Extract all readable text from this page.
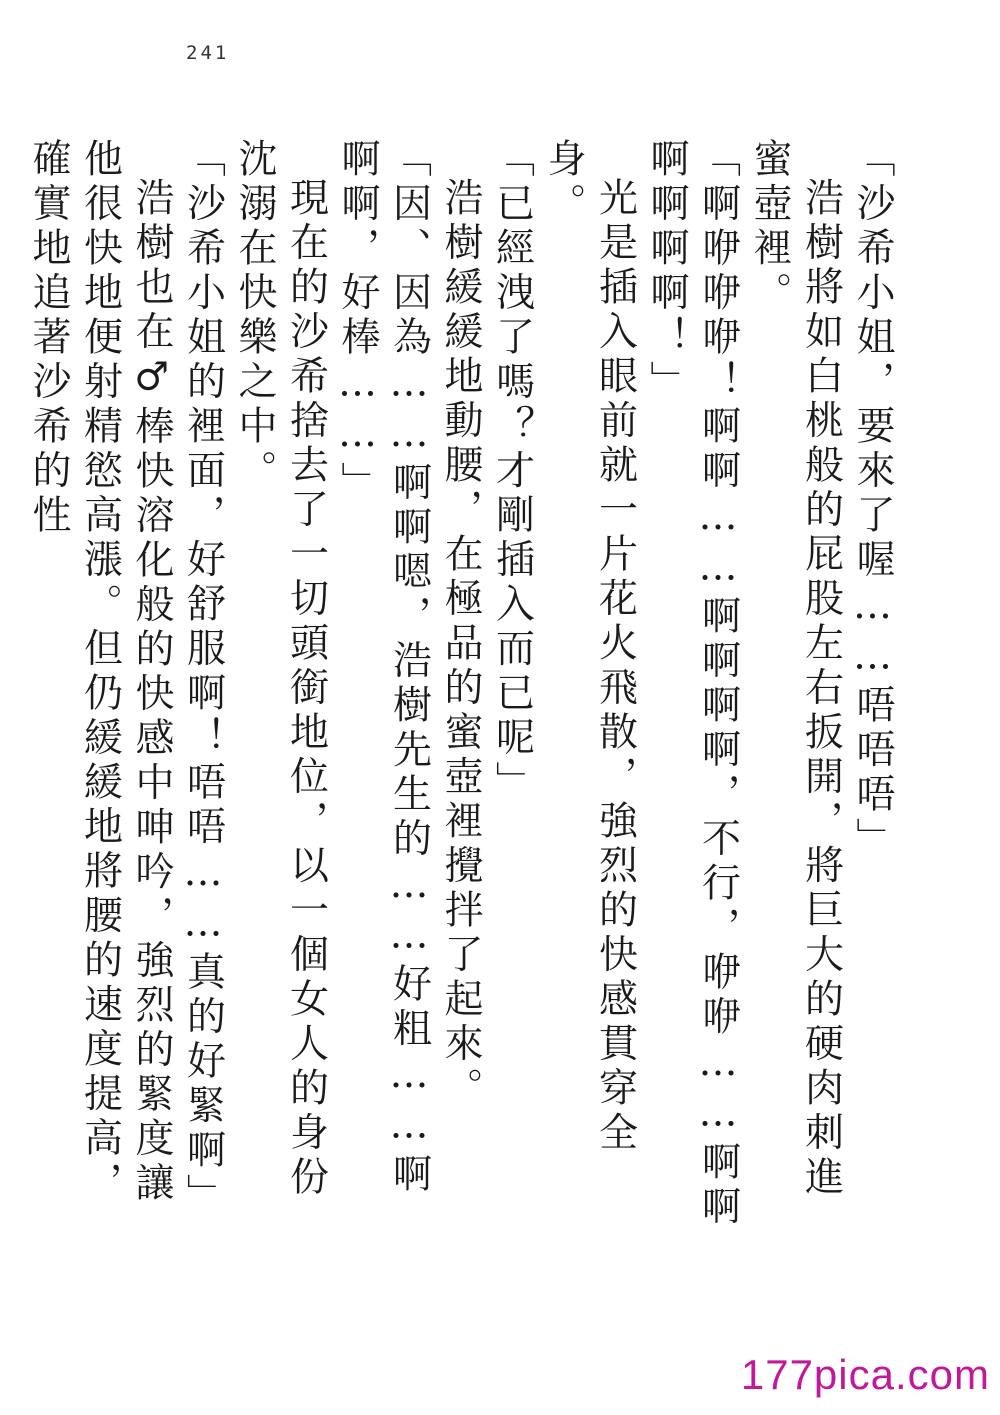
241

「沙希小姐，要來了喔……唔唔唔」

浩樹將如白桃般的屁股左右扳開，將巨大的硬肉刺進蜜壺裡。

「啊咿咿咿！啊啊……啊啊啊啊，不行，咿咿……啊啊啊啊啊啊！」

光是插入眼前就一片花火飛散，強烈的快感貫穿全身。

「已經洩了嗎？才剛插入而已呢」

浩樹緩緩地動腰，在極品的蜜壺裡攪拌了起來。

「因、因為……啊啊嗯，浩樹先生的……好粗……啊啊啊，好棒……」

現在的沙希捨去了一切頭銜地位，以一個女人的身份沈溺在快樂之中。

「沙希小姐的裡面，好舒服啊！唔唔……真的好緊啊」

浩樹也在♂棒快溶化般的快感中呻吟，強烈的緊度讓他很快地便射精慾高漲。但仍緩緩地將腰的速度提高，確實地追著沙希的性

177pica.com
